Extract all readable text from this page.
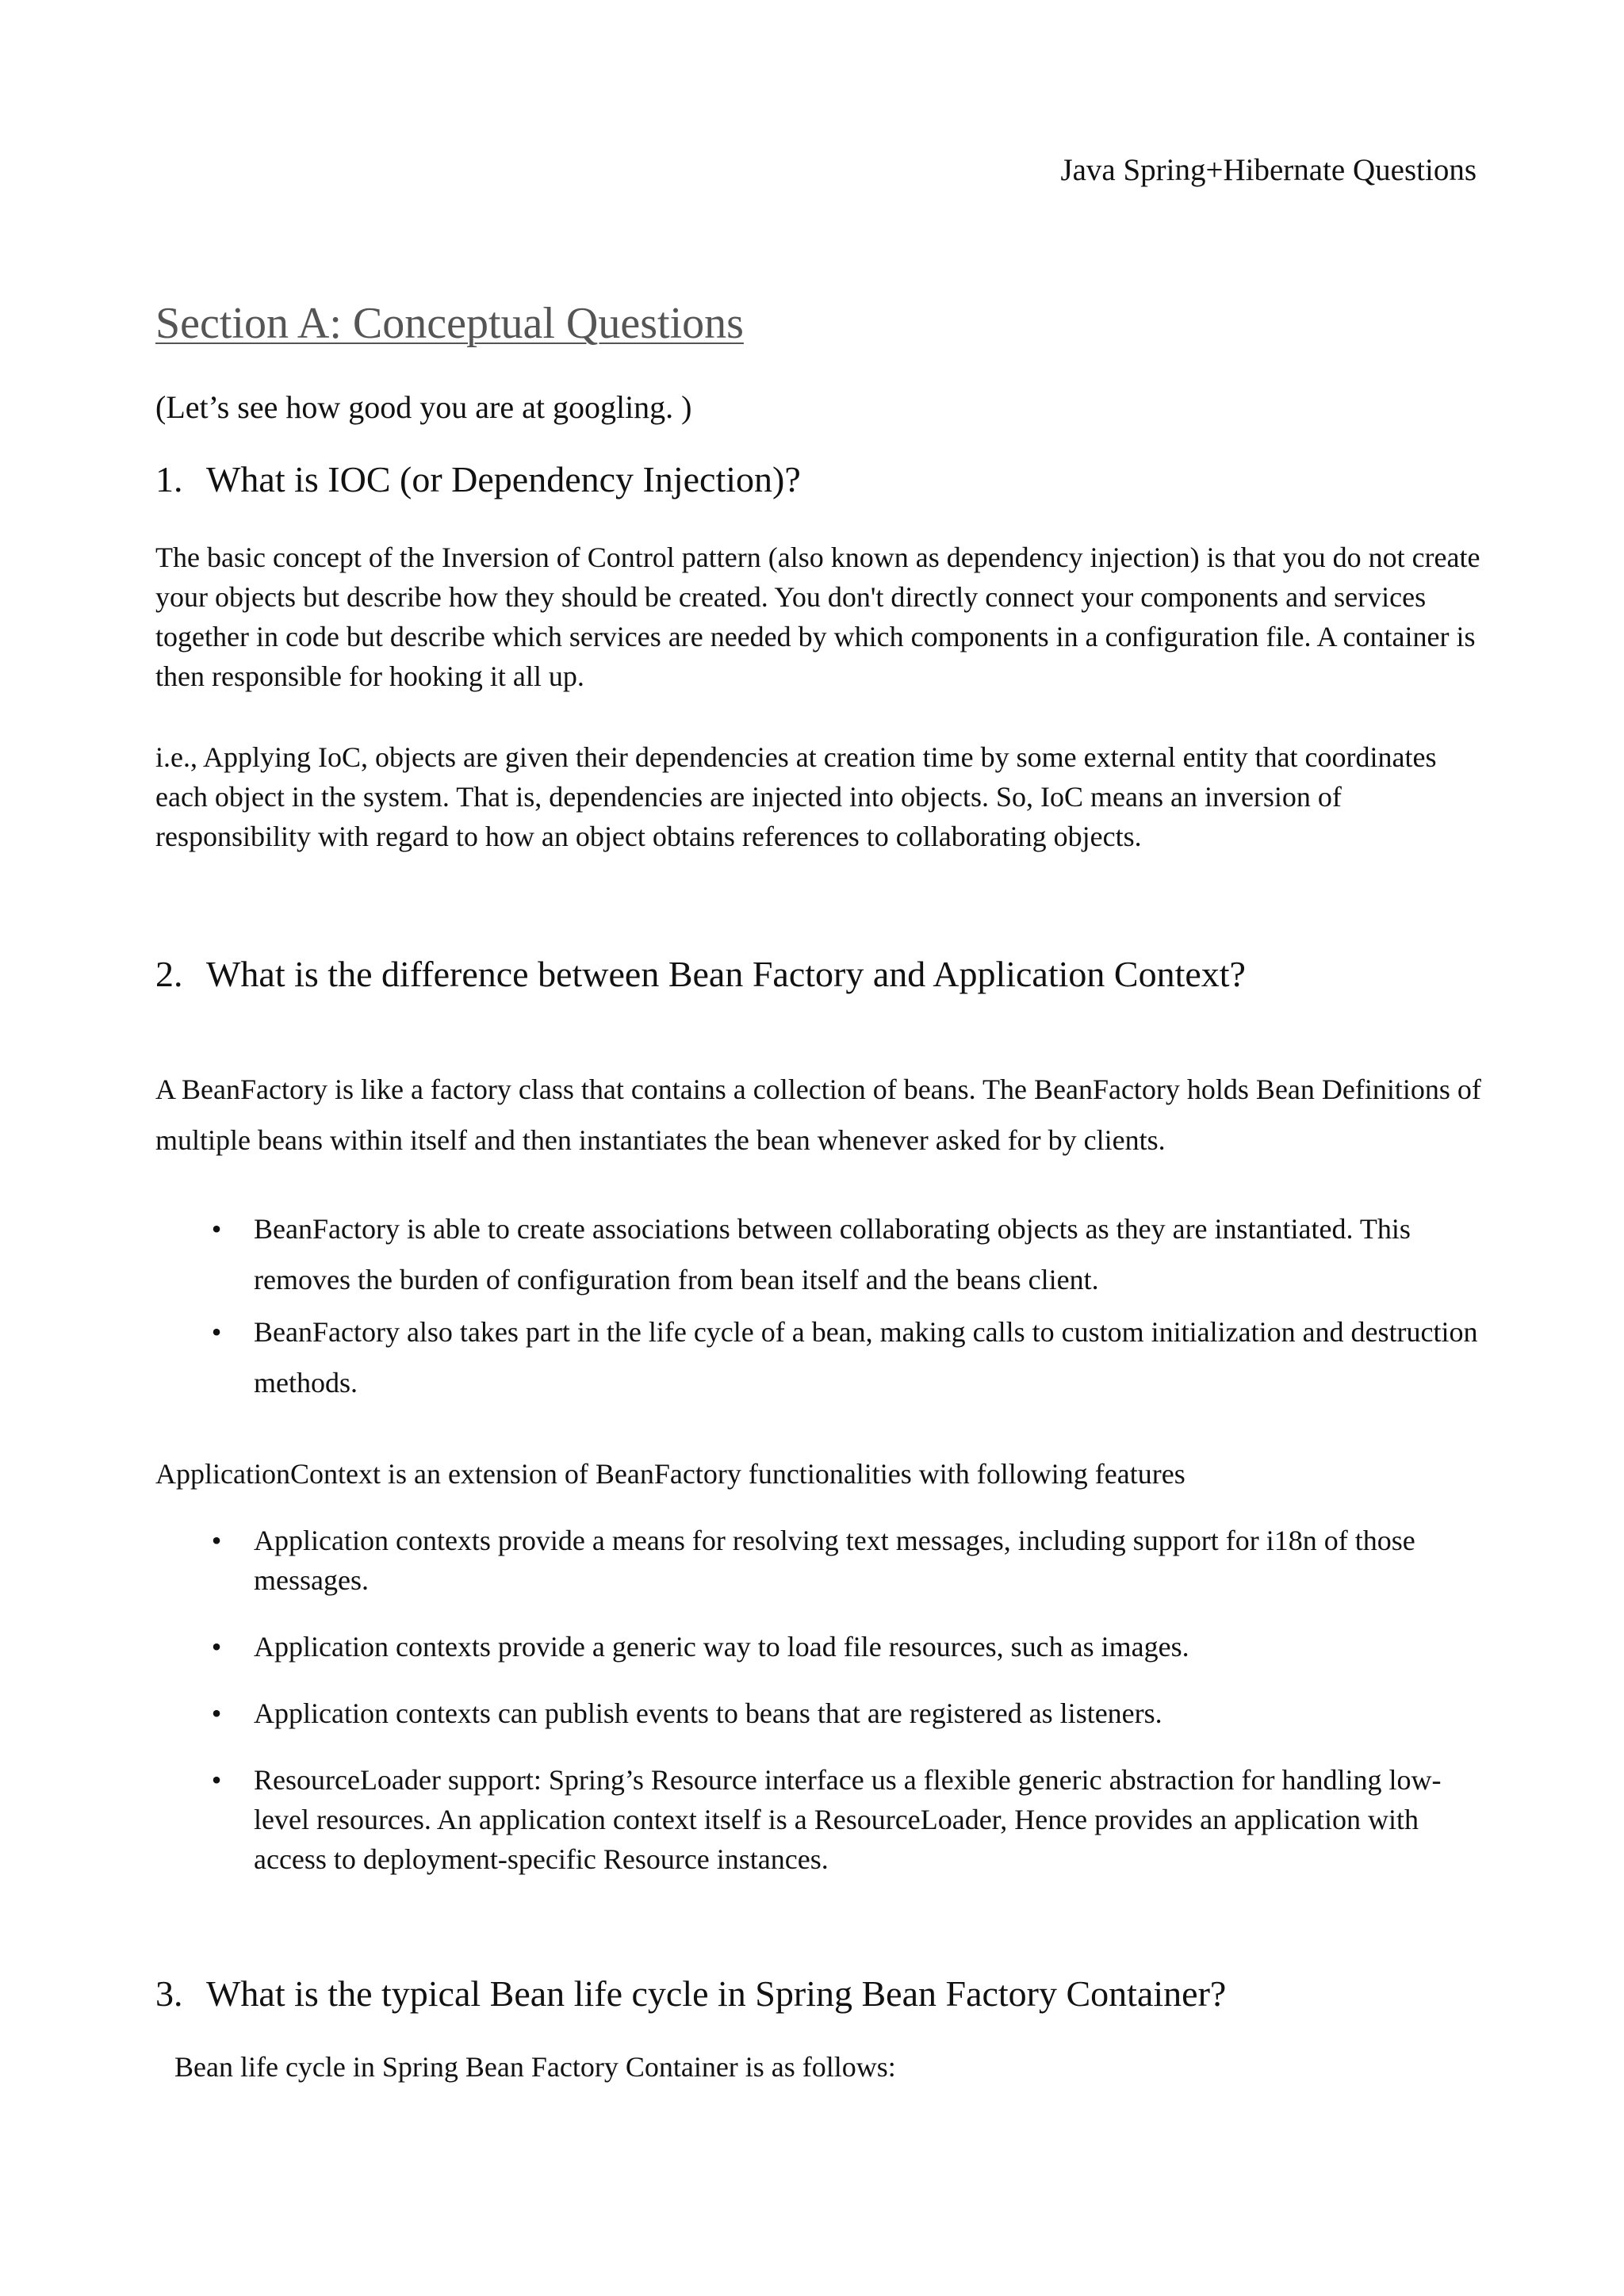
Java Spring+Hibernate Questions
Section A: Conceptual Questions
(Let’s see how good you are at googling. )
1. What is IOC (or Dependency Injection)?

The basic concept of the Inversion of Control pattern (also known as dependency injection) is that you do not create your objects but describe how they should be created. You don't directly connect your components and services together in code but describe which services are needed by which components in a configuration file. A container is then responsible for hooking it all up.

i.e., Applying IoC, objects are given their dependencies at creation time by some external entity that coordinates each object in the system. That is, dependencies are injected into objects. So, IoC means an inversion of responsibility with regard to how an object obtains references to collaborating objects.

2. What is the difference between Bean Factory and Application Context?

A BeanFactory is like a factory class that contains a collection of beans. The BeanFactory holds Bean Definitions of multiple beans within itself and then instantiates the bean whenever asked for by clients.

• BeanFactory is able to create associations between collaborating objects as they are instantiated. This removes the burden of configuration from bean itself and the beans client.
• BeanFactory also takes part in the life cycle of a bean, making calls to custom initialization and destruction methods.

ApplicationContext is an extension of BeanFactory functionalities with following features

• Application contexts provide a means for resolving text messages, including support for i18n of those messages.
• Application contexts provide a generic way to load file resources, such as images.
• Application contexts can publish events to beans that are registered as listeners.
• ResourceLoader support: Spring’s Resource interface us a flexible generic abstraction for handling low-level resources. An application context itself is a ResourceLoader, Hence provides an application with access to deployment-specific Resource instances.
3. What is the typical Bean life cycle in Spring Bean Factory Container?

Bean life cycle in Spring Bean Factory Container is as follows:
